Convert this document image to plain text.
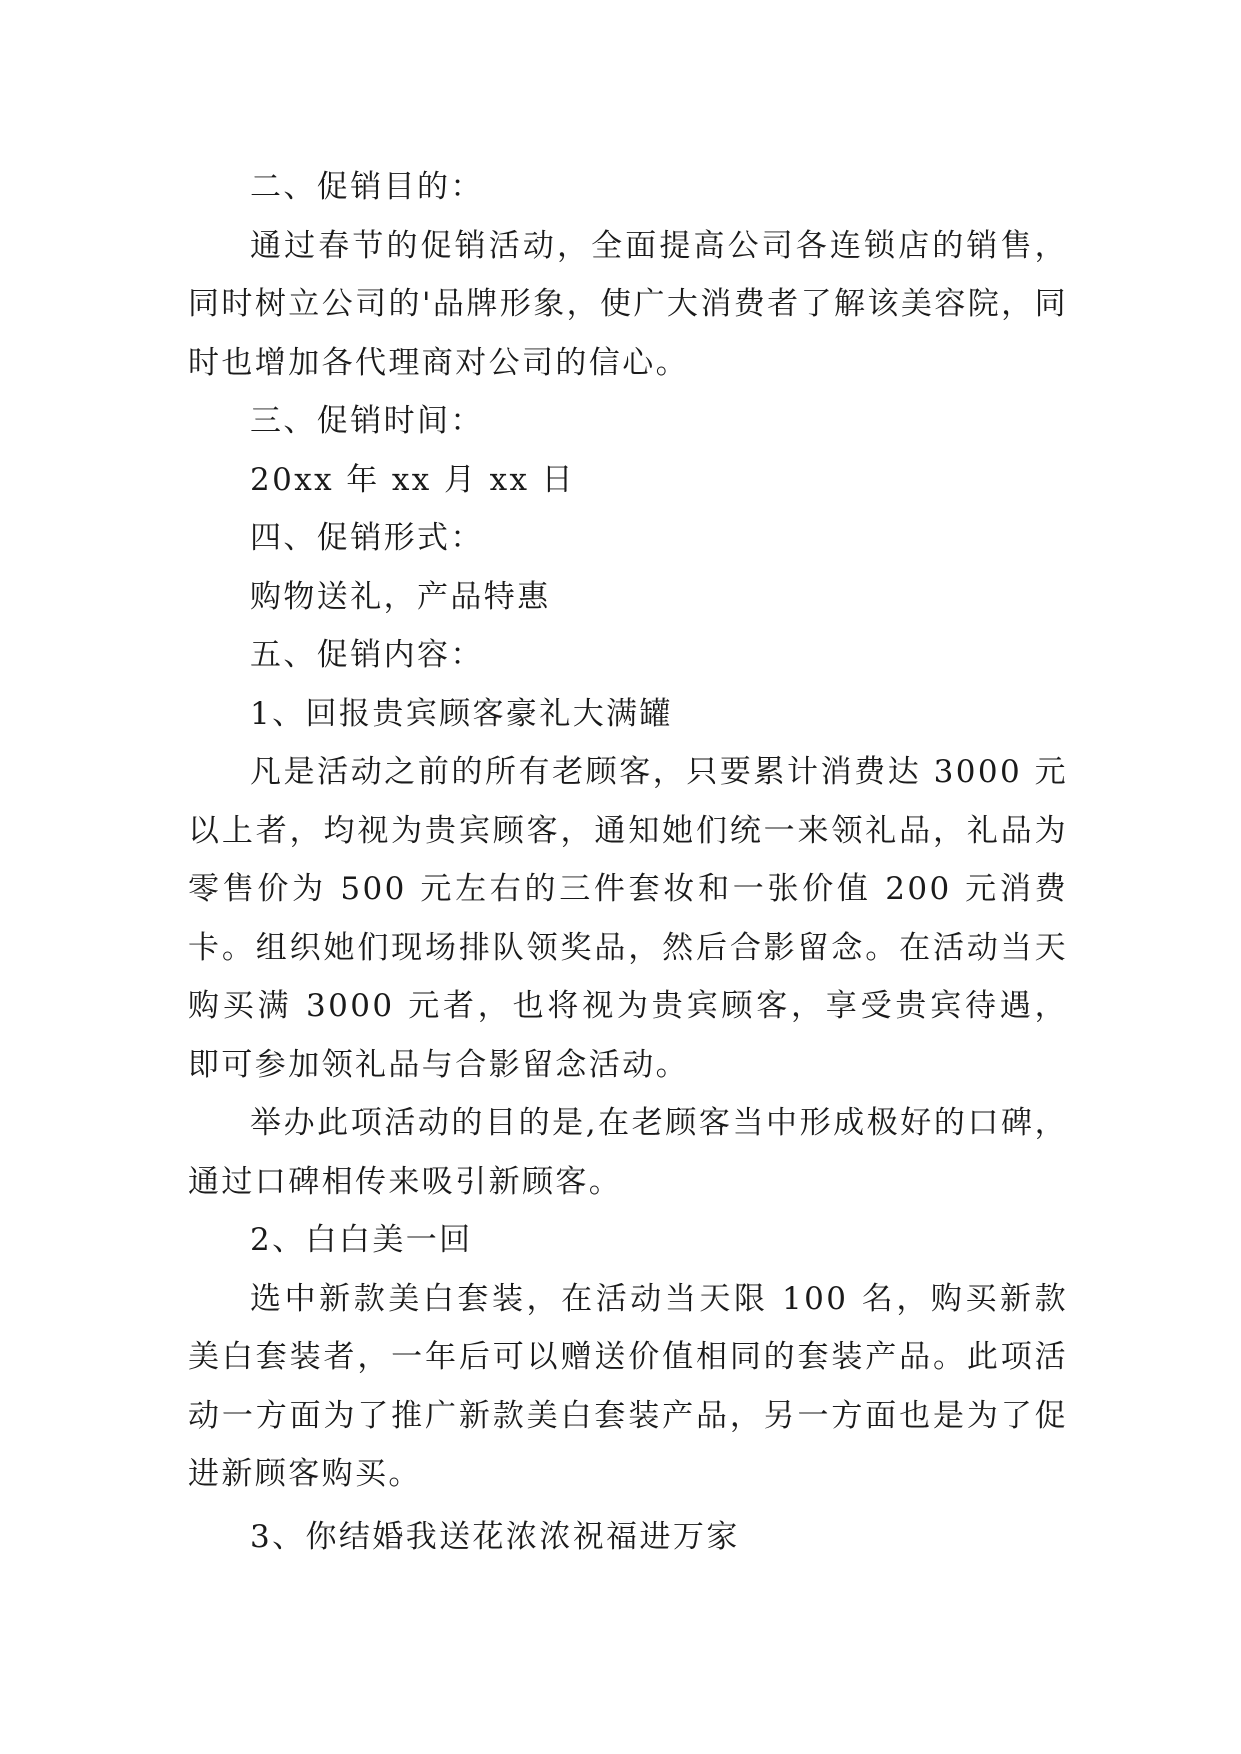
二、促销目的：

通过春节的促销活动，全面提高公司各连锁店的销售，同时树立公司的'品牌形象，使广大消费者了解该美容院，同时也增加各代理商对公司的信心。

三、促销时间：

20xx 年 xx 月 xx 日

四、促销形式：

购物送礼，产品特惠

五、促销内容：

1、回报贵宾顾客豪礼大满罐

凡是活动之前的所有老顾客，只要累计消费达 3000 元以上者，均视为贵宾顾客，通知她们统一来领礼品，礼品为零售价为 500 元左右的三件套妆和一张价值 200 元消费卡。组织她们现场排队领奖品，然后合影留念。在活动当天购买满 3000 元者，也将视为贵宾顾客，享受贵宾待遇，即可参加领礼品与合影留念活动。

举办此项活动的目的是,在老顾客当中形成极好的口碑，通过口碑相传来吸引新顾客。

2、白白美一回

选中新款美白套装，在活动当天限 100 名，购买新款美白套装者，一年后可以赠送价值相同的套装产品。此项活动一方面为了推广新款美白套装产品，另一方面也是为了促进新顾客购买。

3、你结婚我送花浓浓祝福进万家
